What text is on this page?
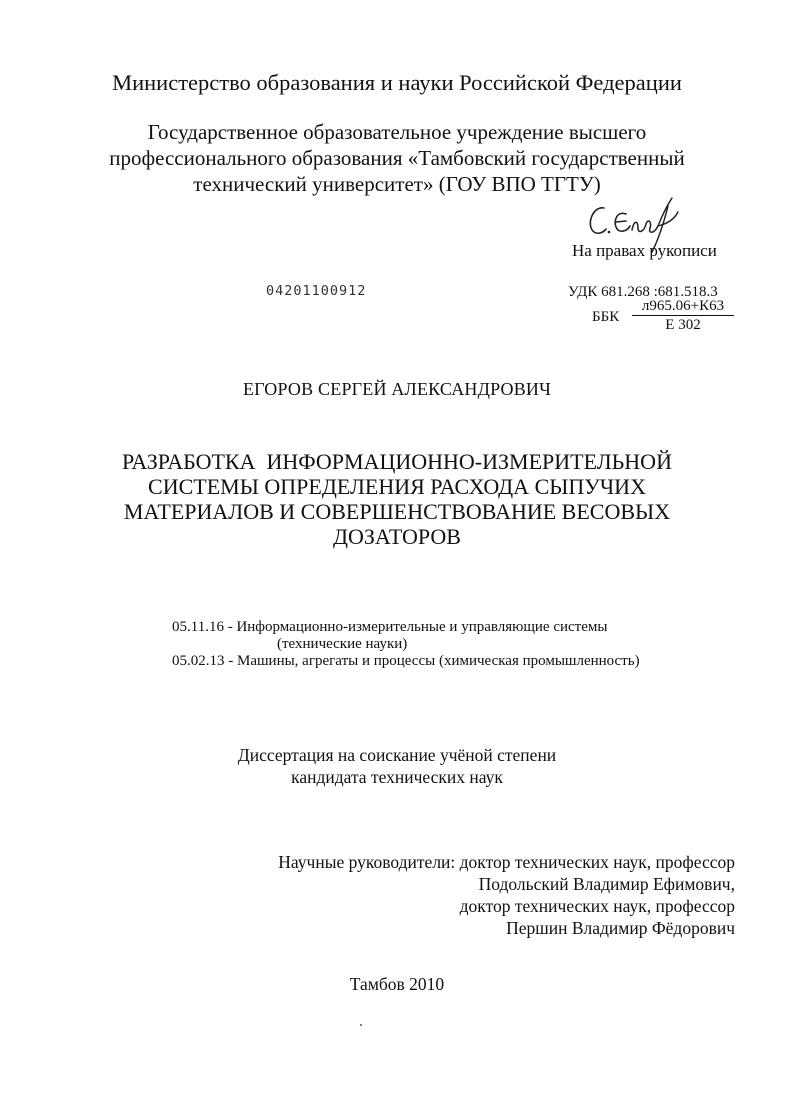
Министерство образования и науки Российской Федерации
Государственное образовательное учреждение высшего
профессионального образования «Тамбовский государственный
технический университет» (ГОУ ВПО ТГТУ)
На правах рукописи
04201100912	УДК 681.268 :681.518.3
ББК
л965.06+К63
Е 302
ЕГОРОВ СЕРГЕЙ АЛЕКСАНДРОВИЧ
РАЗРАБОТКА  ИНФОРМАЦИОННО-ИЗМЕРИТЕЛЬНОЙ
СИСТЕМЫ ОПРЕДЕЛЕНИЯ РАСХОДА СЫПУЧИХ
МАТЕРИАЛОВ И СОВЕРШЕНСТВОВАНИЕ ВЕСОВЫХ
ДОЗАТОРОВ
05.11.16 - Информационно-измерительные и управляющие системы
(технические науки)
05.02.13 - Машины, агрегаты и процессы (химическая промышленность)
Диссертация на соискание учёной степени
кандидата технических наук
Научные руководители: доктор технических наук, профессор
Подольский Владимир Ефимович,
доктор технических наук, профессор
Першин Владимир Фёдорович
Тамбов 2010
